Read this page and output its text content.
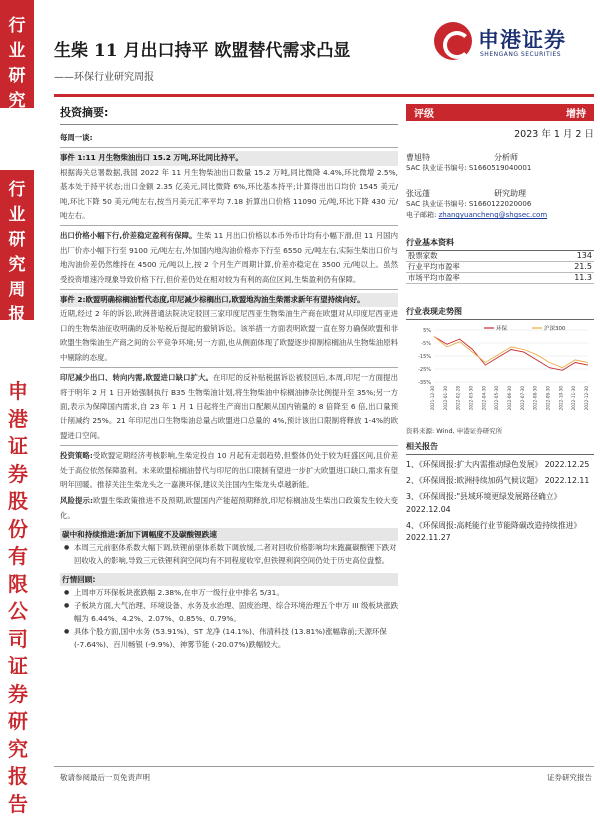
行
业
研
究
行
业
研
究
周
报
申
港
证
券
股
份
有
限
公
司
证
券
研
究
报
告
生柴 11 月出口持平 欧盟替代需求凸显
——环保行业研究周报
申港证券
SHENGANG SECURITIES
投资摘要:
每周一谈:
事件 1:11 月生物柴油出口 15.2 万吨,环比同比持平。
根据海关总署数据,我国 2022 年 11 月生物柴油出口数量 15.2 万吨,同比微降 4.4%,环比微增 2.5%,基本处于持平状态;出口金额 2.35 亿美元,同比微降 6%,环比基本持平;计算得出出口均价 1545 美元/吨,环比下降 50 美元/吨左右,按当月美元汇率平均 7.18 折算出口价格 11090 元/吨,环比下降 430 元/吨左右。
出口价格小幅下行,价差稳定盈利有保障。生柴 11 月出口价格以本币外币计均有小幅下滑,但 11 月国内出厂价亦小幅下行至 9100 元/吨左右,外加国内地沟油价格亦下行至 6550 元/吨左右,实际生柴出口价与地沟油价差仍然维持在 4500 元/吨以上,按 2 个月生产周期计算,价差亦稳定在 3500 元/吨以上。虽然受投资增速冷现象导致价格下行,但价差仍处在相对较为有利的高位区间,生柴盈利仍有保障。
事件 2:欧盟明确棕榈油暂代态度,印尼减少棕榈出口,欧盟地沟油生柴需求新年有望持续向好。
近期,经过 2 年的诉讼,欧洲普通法院决定驳回三家印度尼西亚生物柴油生产商在欧盟对从印度尼西亚进口的生物柴油征收明确的反补贴税后提起的撤销诉讼。该举措一方面表明欧盟一直在努力确保欧盟和非欧盟生物柴油生产商之间的公平竞争环境;另一方面,也从侧面体现了欧盟逐步抑制棕榈油从生物柴油原料中剔除的态度。
印尼减少出口、转向内需,欧盟进口缺口扩大。在印尼的反补贴税据诉讼被驳回后,本周,印尼一方面提出将于明年 2 月 1 日开始强制执行 B35 生物柴油计划,将生物柴油中棕榈油掺杂比例提升至 35%;另一方面,表示为保障国内需求,自 23 年 1 月 1 日起将生产商出口配额从国内销量的 8 倍降至 6 倍,出口量预计削减约 25%。21 年印尼出口生物柴油总量占欧盟进口总量的 4%,预计该出口限制将释放 1-4%的欧盟进口空间。
投资策略:受欧盟定期经济考核影响,生柴定投自 10 月起有走弱趋势,但整体仍处于较为旺盛区间,且价差处于高位依然保障盈利。未来欧盟棕榈油替代与印尼的出口限制有望进一步扩大欧盟进口缺口,需求有望明年回暖。推荐关注生柴龙头之一嘉澳环保,建议关注国内生柴龙头卓越新能。
风险提示:欧盟生柴政策推进不及预期,欧盟国内产能超预期释放,印尼棕榈油及生柴出口政策发生较大变化。
碳中和持续推进:新加下调幅度不及碳酸锂跌速
● 本周三元前驱体系数大幅下调,铁锂前驱体系数下调放缓,二者对回收价格影响均未跑赢碳酸锂下跌对回收收入的影响,导致三元铁锂利润空间均有不同程度收窄,但铁锂利润空间仍处于历史高位盘整。
行情回顾:
● 上周申万环保板块涨跌幅 2.38%,在申万一级行业中排名 5/31。
● 子板块方面,大气治理、环境设备、水务及水治理、固废治理、综合环境治理五个申万 III 级板块涨跌幅为 6.44%、4.2%、2.07%、0.85%、0.79%。
● 具体个股方面,国中水务 (53.91%)、ST 龙净 (14.1%)、伟清科技 (13.81%)涨幅靠前;天源环保 (-7.64%)、百川畅银 (-9.9%)、神雾节能 (-20.07%)跌幅较大。
评级	增持
2023 年 1 月 2 日
曹旭特	分析师
SAC 执业证书编号: S1660519040001
张远蓬	研究助理
SAC 执业证书编号: S1660122020006
电子邮箱: zhangyuancheng@shgsec.com
行业基本资料
股票家数	134
行业平均市盈率	21.5
市场平均市盈率	11.3
行业表现走势图
5%
-5%
-15%
-25%
-35%
2021-12-30 2022-01-30 2022-02-28 2022-03-30 2022-04-30 2022-05-30 2022-06-30 2022-07-30 2022-08-30 2022-09-30 2022-10-30 2022-11-30 2022-12-30
环保	沪深300
资料来源: Wind, 申港证券研究所
相关报告
1、《环保周报:扩大内需推动绿色发展》 2022.12.25
2、《环保周报:欧洲持续加码气候议题》 2022.12.11
3、《环保周报:"县域环境更绿发展路径确立》 2022.12.04
4、《环保周报:高耗能行业节能降碳改造持续推进》 2022.11.27
敬请参阅最后一页免责声明	证券研究报告
